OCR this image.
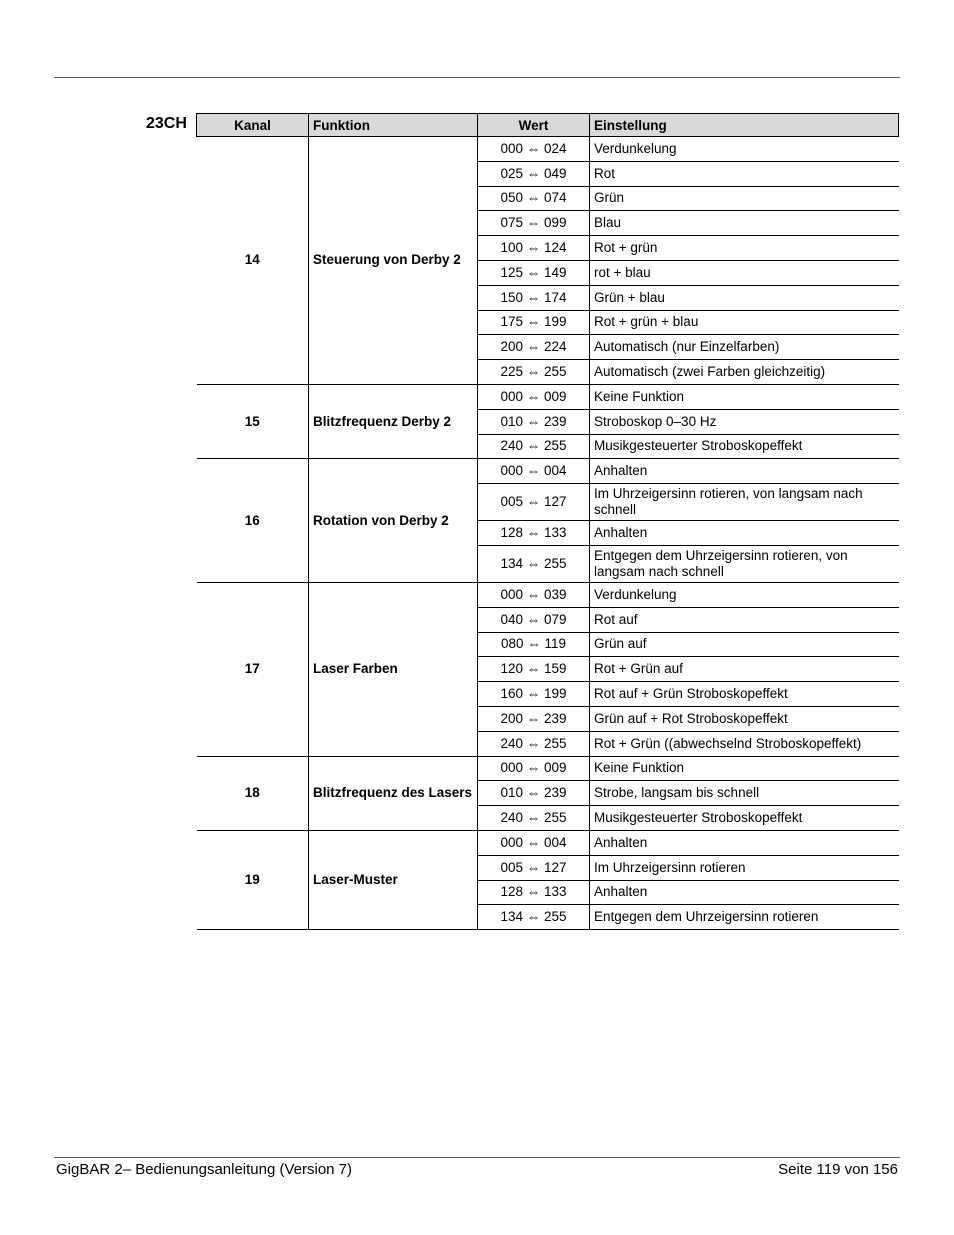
23CH	Kanal	Funktion	Wert	Einstellung
14	Steuerung von Derby 2	000 ⇔ 024	Verdunkelung
		025 ⇔ 049	Rot
		050 ⇔ 074	Grün
		075 ⇔ 099	Blau
		100 ⇔ 124	Rot + grün
		125 ⇔ 149	rot + blau
		150 ⇔ 174	Grün + blau
		175 ⇔ 199	Rot + grün + blau
		200 ⇔ 224	Automatisch (nur Einzelfarben)
		225 ⇔ 255	Automatisch (zwei Farben gleichzeitig)
15	Blitzfrequenz Derby 2	000 ⇔ 009	Keine Funktion
		010 ⇔ 239	Stroboskop 0–30 Hz
		240 ⇔ 255	Musikgesteuerter Stroboskopeffekt
16	Rotation von Derby 2	000 ⇔ 004	Anhalten
		005 ⇔ 127	Im Uhrzeigersinn rotieren, von langsam nach schnell
		128 ⇔ 133	Anhalten
		134 ⇔ 255	Entgegen dem Uhrzeigersinn rotieren, von langsam nach schnell
17	Laser Farben	000 ⇔ 039	Verdunkelung
		040 ⇔ 079	Rot auf
		080 ⇔ 119	Grün auf
		120 ⇔ 159	Rot + Grün auf
		160 ⇔ 199	Rot auf + Grün Stroboskopeffekt
		200 ⇔ 239	Grün auf + Rot Stroboskopeffekt
		240 ⇔ 255	Rot + Grün ((abwechselnd Stroboskopeffekt)
18	Blitzfrequenz des Lasers	000 ⇔ 009	Keine Funktion
		010 ⇔ 239	Strobe, langsam bis schnell
		240 ⇔ 255	Musikgesteuerter Stroboskopeffekt
19	Laser-Muster	000 ⇔ 004	Anhalten
		005 ⇔ 127	Im Uhrzeigersinn rotieren
		128 ⇔ 133	Anhalten
		134 ⇔ 255	Entgegen dem Uhrzeigersinn rotieren
GigBAR 2– Bedienungsanleitung (Version 7)	Seite 119 von 156
